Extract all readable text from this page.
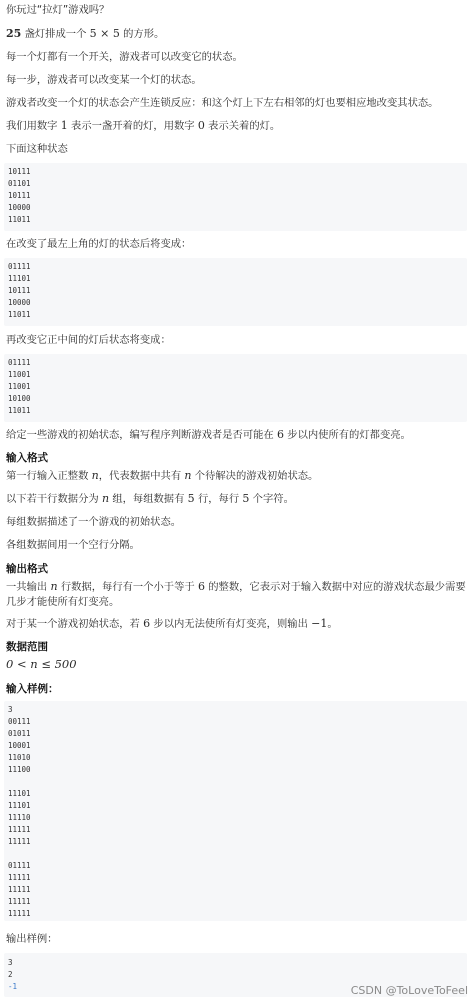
你玩过“拉灯”游戏吗？
25 盏灯排成一个 5 × 5 的方形。
每一个灯都有一个开关，游戏者可以改变它的状态。
每一步，游戏者可以改变某一个灯的状态。
游戏者改变一个灯的状态会产生连锁反应：和这个灯上下左右相邻的灯也要相应地改变其状态。
我们用数字 1 表示一盏开着的灯，用数字 0 表示关着的灯。
下面这种状态
10111
01101
10111
10000
11011
在改变了最左上角的灯的状态后将变成：
01111
11101
10111
10000
11011
再改变它正中间的灯后状态将变成：
01111
11001
11001
10100
11011
给定一些游戏的初始状态，编写程序判断游戏者是否可能在 6 步以内使所有的灯都变亮。
输入格式
第一行输入正整数 n，代表数据中共有 n 个待解决的游戏初始状态。
以下若干行数据分为 n 组，每组数据有 5 行，每行 5 个字符。
每组数据描述了一个游戏的初始状态。
各组数据间用一个空行分隔。
输出格式
一共输出 n 行数据，每行有一个小于等于 6 的整数，它表示对于输入数据中对应的游戏状态最少需要几步才能使所有灯变亮。
对于某一个游戏初始状态，若 6 步以内无法使所有灯变亮，则输出 −1。
数据范围
0 < n ≤ 500
输入样例：
3
00111
01011
10001
11010
11100
11101
11101
11110
11111
11111
01111
11111
11111
11111
11111
输出样例：
3
2
-1	CSDN @ToLoveToFeel
